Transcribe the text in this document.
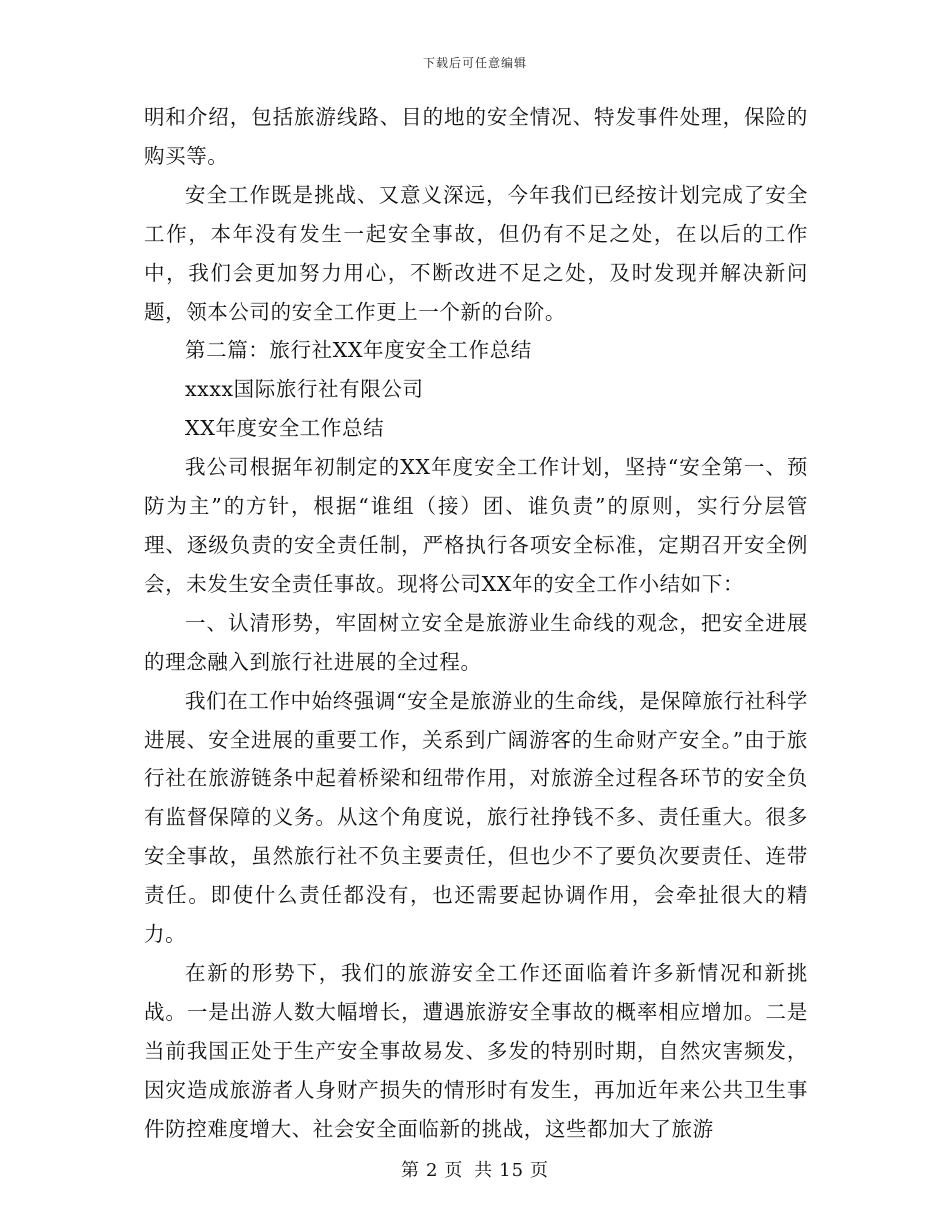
下载后可任意编辑

明和介绍，包括旅游线路、目的地的安全情况、特发事件处理，保险的购买等。

安全工作既是挑战、又意义深远，今年我们已经按计划完成了安全工作，本年没有发生一起安全事故，但仍有不足之处，在以后的工作中，我们会更加努力用心，不断改进不足之处，及时发现并解决新问题，领本公司的安全工作更上一个新的台阶。

第二篇：旅行社XX年度安全工作总结

xxxx国际旅行社有限公司

XX年度安全工作总结

我公司根据年初制定的XX年度安全工作计划，坚持“安全第一、预防为主”的方针，根据“谁组（接）团、谁负责”的原则，实行分层管理、逐级负责的安全责任制，严格执行各项安全标准，定期召开安全例会，未发生安全责任事故。现将公司XX年的安全工作小结如下：

一、认清形势，牢固树立安全是旅游业生命线的观念，把安全进展的理念融入到旅行社进展的全过程。

我们在工作中始终强调“安全是旅游业的生命线，是保障旅行社科学进展、安全进展的重要工作，关系到广阔游客的生命财产安全。”由于旅行社在旅游链条中起着桥梁和纽带作用，对旅游全过程各环节的安全负有监督保障的义务。从这个角度说，旅行社挣钱不多、责任重大。很多安全事故，虽然旅行社不负主要责任，但也少不了要负次要责任、连带责任。即使什么责任都没有，也还需要起协调作用，会牵扯很大的精力。

在新的形势下，我们的旅游安全工作还面临着许多新情况和新挑战。一是出游人数大幅增长，遭遇旅游安全事故的概率相应增加。二是当前我国正处于生产安全事故易发、多发的特别时期，自然灾害频发，因灾造成旅游者人身财产损失的情形时有发生，再加近年来公共卫生事件防控难度增大、社会安全面临新的挑战，这些都加大了旅游

第 2 页 共 15 页
